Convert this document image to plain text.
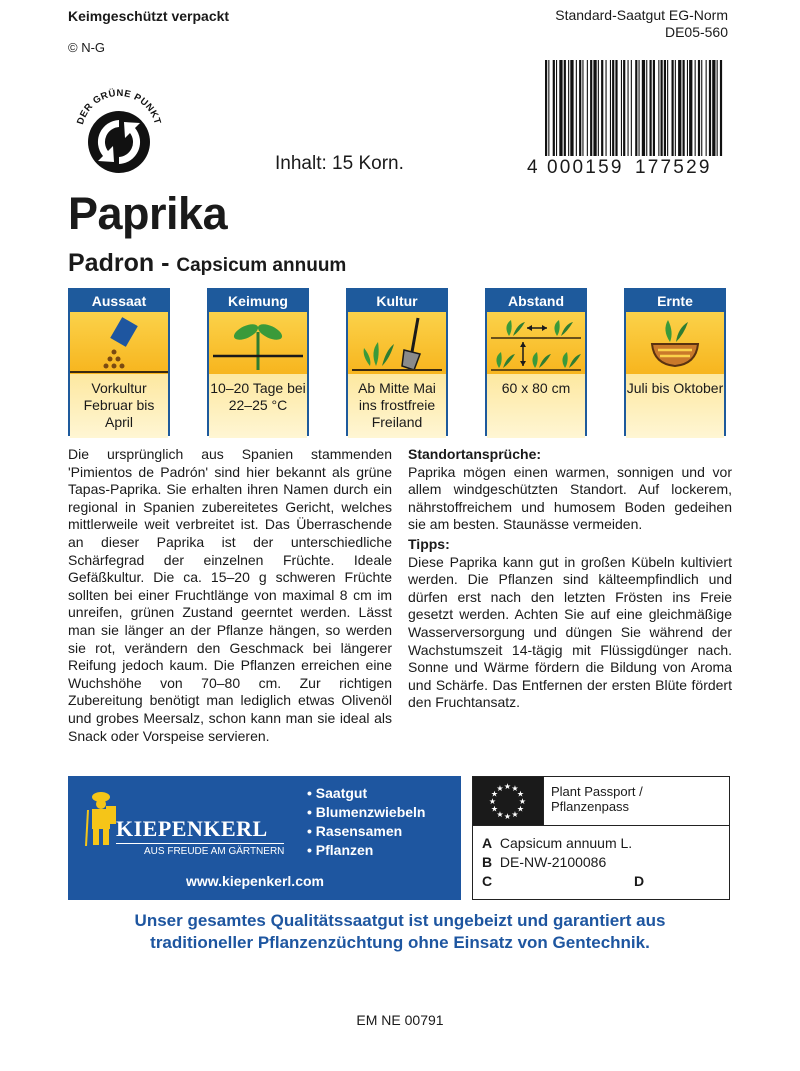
Keimgeschützt verpackt
© N-G
Standard-Saatgut EG-Norm
DE05-560
DER GRÜNE PUNKT
Inhalt: 15 Korn.	4 000159 177529
Paprika
Padron - Capsicum annuum
Aussaat
Vorkultur Februar bis April
Keimung
10–20 Tage bei 22–25 °C
Kultur
Ab Mitte Mai ins frostfreie Freiland
Abstand
60 x 80 cm
Ernte
Juli bis Oktober
Die ursprünglich aus Spanien stammenden 'Pimientos de Padrón' sind hier bekannt als grüne Tapas-Paprika. Sie erhalten ihren Namen durch ein regional in Spanien zubereitetes Gericht, welches mittlerweile weit verbreitet ist. Das Überraschende an dieser Paprika ist der unterschiedliche Schärfegrad der einzelnen Früchte. Ideale Gefäßkultur. Die ca. 15–20 g schweren Früchte sollten bei einer Fruchtlänge von maximal 8 cm im unreifen, grünen Zustand geerntet werden. Lässt man sie länger an der Pflanze hängen, so werden sie rot, verändern den Geschmack bei längerer Reifung jedoch kaum. Die Pflanzen erreichen eine Wuchshöhe von 70–80 cm. Zur richtigen Zubereitung benötigt man lediglich etwas Olivenöl und grobes Meersalz, schon kann man sie ideal als Snack oder Vorspeise servieren.
Standortansprüche:
Paprika mögen einen warmen, sonnigen und vor allem windgeschützten Standort. Auf lockerem, nährstoffreichem und humosem Boden gedeihen sie am besten. Staunässe vermeiden.
Tipps:
Diese Paprika kann gut in großen Kübeln kultiviert werden. Die Pflanzen sind kälteempfindlich und dürfen erst nach den letzten Frösten ins Freie gesetzt werden. Achten Sie auf eine gleichmäßige Wasserversorgung und düngen Sie während der Wachstumszeit 14-tägig mit Flüssigdünger nach. Sonne und Wärme fördern die Bildung von Aroma und Schärfe. Das Entfernen der ersten Blüte fördert den Fruchtansatz.
KIEPENKERL
AUS FREUDE AM GÄRTNERN
• Saatgut
• Blumenzwiebeln
• Rasensamen
• Pflanzen
www.kiepenkerl.com
★ ★
★
★
★
★
★
★
★
★
★
★	Plant Passport /
Pflanzenpass
A Capsicum annuum L.
B DE-NW-2100086
C	D
Unser gesamtes Qualitätssaatgut ist ungebeizt und garantiert aus
traditioneller Pflanzenzüchtung ohne Einsatz von Gentechnik.
EM NE 00791
